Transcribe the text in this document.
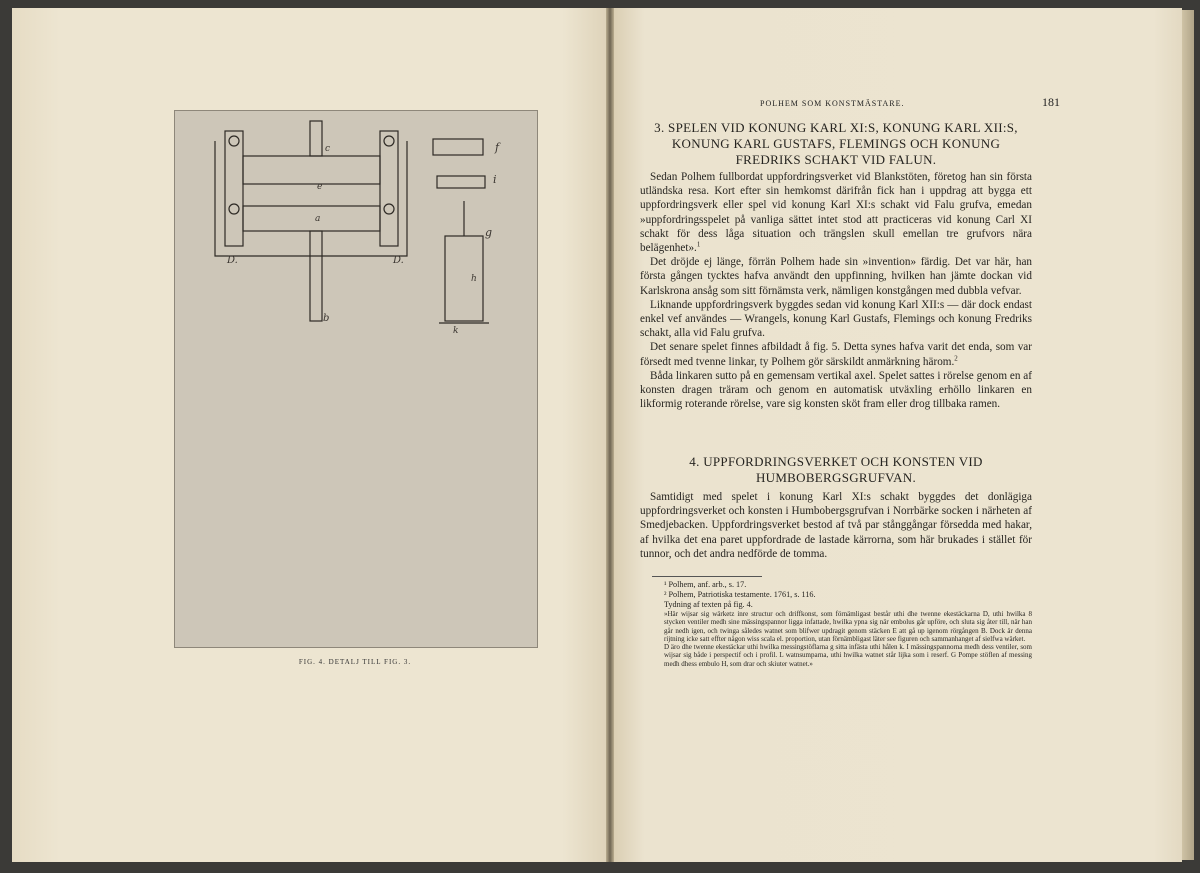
D.	D.
f
i
g
h
b
e
a
k
c
FIG. 4. DETALJ TILL FIG. 3.
POLHEM SOM KONSTMÄSTARE.	181
3. SPELEN VID KONUNG KARL XI:S, KONUNG KARL XII:S, KONUNG KARL GUSTAFS, FLEMINGS OCH KONUNG FREDRIKS SCHAKT VID FALUN.

Sedan Polhem fullbordat uppfordringsverket vid Blankstöten, företog han sin första utländska resa. Kort efter sin hemkomst därifrån fick han i uppdrag att bygga ett uppfordringsverk eller spel vid konung Karl XI:s schakt vid Falu grufva, emedan »uppfordringsspelet på vanliga sättet intet stod att practiceras vid konung Carl XI schakt för dess låga situation och trängslen skull emellan tre grufvors nära belägenhet».$^1$

Det dröjde ej länge, förrän Polhem hade sin »invention» färdig. Det var här, han första gången tycktes hafva användt den uppfinning, hvilken han jämte dockan vid Karlskrona ansåg som sitt förnämsta verk, nämligen konstgången med dubbla vefvar.

Liknande uppfordringsverk byggdes sedan vid konung Karl XII:s — där dock endast enkel vef användes — Wrangels, konung Karl Gustafs, Flemings och konung Fredriks schakt, alla vid Falu grufva.

Det senare spelet finnes afbildadt å fig. 5. Detta synes hafva varit det enda, som var försedt med tvenne linkar, ty Polhem gör särskildt anmärkning härom.$^2$

Båda linkaren sutto på en gemensam vertikal axel. Spelet sattes i rörelse genom en af konsten dragen träram och genom en automatisk utväxling erhöllo linkaren en likformig roterande rörelse, vare sig konsten sköt fram eller drog tillbaka ramen.

4. UPPFORDRINGSVERKET OCH KONSTEN VID HUMBOBERGSGRUFVAN.

Samtidigt med spelet i konung Karl XI:s schakt byggdes det donlägiga uppfordringsverket och konsten i Humbobergsgrufvan i Norrbärke socken i närheten af Smedjebacken. Uppfordringsverket bestod af två par stånggångar försedda med hakar, af hvilka det ena paret uppfordrade de lastade kärrorna, som här brukades i stället för tunnor, och det andra nedförde de tomma.

¹ Polhem, anf. arb., s. 17.
² Polhem, Patriotiska testamente. 1761, s. 116.
Tydning af texten på fig. 4.
»Här wijsar sig wärketz inre structur och driffkonst, som förnämligast består uthi dhe twenne ekestäckarna D, uthi hwilka 8 stycken ventiler medh sine mässingspannor ligga infattade, hwilka ypna sig när embolus går upföre, och sluta sig åter till, när han går nedh igen, och twinga således watnet som blifwer updragit genom stäcken E att gå up igenom rörgången B. Dock är denna rijtning icke satt effter någon wiss scala el. proportion, utan förnämbligast läter see figuren och sammanhanget af sielfwa wärket.
D äro dhe twenne ekestäckar uthi hwilka messingstöflarna g sitta infästa uthi hålen k. I mässingspannorna medh dess ventiler, som wijsar sig både i perspectif och i profil. L watnsumparna, uthi hwilka watnet står lijka som i reserf. G Pompe stöflen af messing medh dhess embulo H, som drar och skiuter watnet.»
